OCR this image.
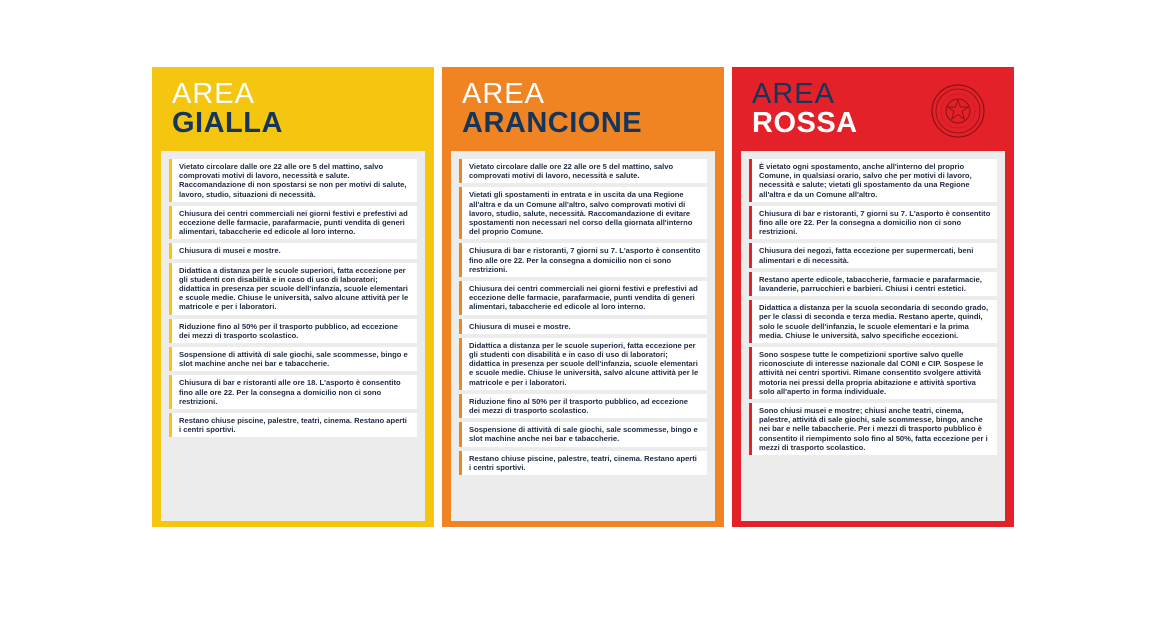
AREA
GIALLA
Vietato circolare dalle ore 22 alle ore 5 del mattino, salvo comprovati motivi di lavoro, necessità e salute. Raccomandazione di non spostarsi se non per motivi di salute, lavoro, studio, situazioni di necessità.
Chiusura dei centri commerciali nei giorni festivi e prefestivi ad eccezione delle farmacie, parafarmacie, punti vendita di generi alimentari, tabaccherie ed edicole al loro interno.
Chiusura di musei e mostre.
Didattica a distanza per le scuole superiori, fatta eccezione per gli studenti con disabilità e in caso di uso di laboratori; didattica in presenza per scuole dell'infanzia, scuole elementari e scuole medie. Chiuse le università, salvo alcune attività per le matricole e per i laboratori.
Riduzione fino al 50% per il trasporto pubblico, ad eccezione dei mezzi di trasporto scolastico.
Sospensione di attività di sale giochi, sale scommesse, bingo e slot machine anche nei bar e tabaccherie.
Chiusura di bar e ristoranti alle ore 18. L'asporto è consentito fino alle ore 22. Per la consegna a domicilio non ci sono restrizioni.
Restano chiuse piscine, palestre, teatri, cinema. Restano aperti i centri sportivi.
AREA
ARANCIONE
Vietato circolare dalle ore 22 alle ore 5 del mattino, salvo comprovati motivi di lavoro, necessità e salute.
Vietati gli spostamenti in entrata e in uscita da una Regione all'altra e da un Comune all'altro, salvo comprovati motivi di lavoro, studio, salute, necessità. Raccomandazione di evitare spostamenti non necessari nel corso della giornata all'interno del proprio Comune.
Chiusura di bar e ristoranti, 7 giorni su 7. L'asporto è consentito fino alle ore 22. Per la consegna a domicilio non ci sono restrizioni.
Chiusura dei centri commerciali nei giorni festivi e prefestivi ad eccezione delle farmacie, parafarmacie, punti vendita di generi alimentari, tabaccherie ed edicole al loro interno.
Chiusura di musei e mostre.
Didattica a distanza per le scuole superiori, fatta eccezione per gli studenti con disabilità e in caso di uso di laboratori; didattica in presenza per scuole dell'infanzia, scuole elementari e scuole medie. Chiuse le università, salvo alcune attività per le matricole e per i laboratori.
Riduzione fino al 50% per il trasporto pubblico, ad eccezione dei mezzi di trasporto scolastico.
Sospensione di attività di sale giochi, sale scommesse, bingo e slot machine anche nei bar e tabaccherie.
Restano chiuse piscine, palestre, teatri, cinema. Restano aperti i centri sportivi.
AREA
ROSSA
È vietato ogni spostamento, anche all'interno del proprio Comune, in qualsiasi orario, salvo che per motivi di lavoro, necessità e salute; vietati gli spostamento da una Regione all'altra e da un Comune all'altro.
Chiusura di bar e ristoranti, 7 giorni su 7. L'asporto è consentito fino alle ore 22. Per la consegna a domicilio non ci sono restrizioni.
Chiusura dei negozi, fatta eccezione per supermercati, beni alimentari e di necessità.
Restano aperte edicole, tabaccherie, farmacie e parafarmacie, lavanderie, parrucchieri e barbieri. Chiusi i centri estetici.
Didattica a distanza per la scuola secondaria di secondo grado, per le classi di seconda e terza media. Restano aperte, quindi, solo le scuole dell'infanzia, le scuole elementari e la prima media. Chiuse le università, salvo specifiche eccezioni.
Sono sospese tutte le competizioni sportive salvo quelle riconosciute di interesse nazionale dal CONI e CIP. Sospese le attività nei centri sportivi. Rimane consentito svolgere attività motoria nei pressi della propria abitazione e attività sportiva solo all'aperto in forma individuale.
Sono chiusi musei e mostre; chiusi anche teatri, cinema, palestre, attività di sale giochi, sale scommesse, bingo, anche nei bar e nelle tabaccherie. Per i mezzi di trasporto pubblico è consentito il riempimento solo fino al 50%, fatta eccezione per i mezzi di trasporto scolastico.
